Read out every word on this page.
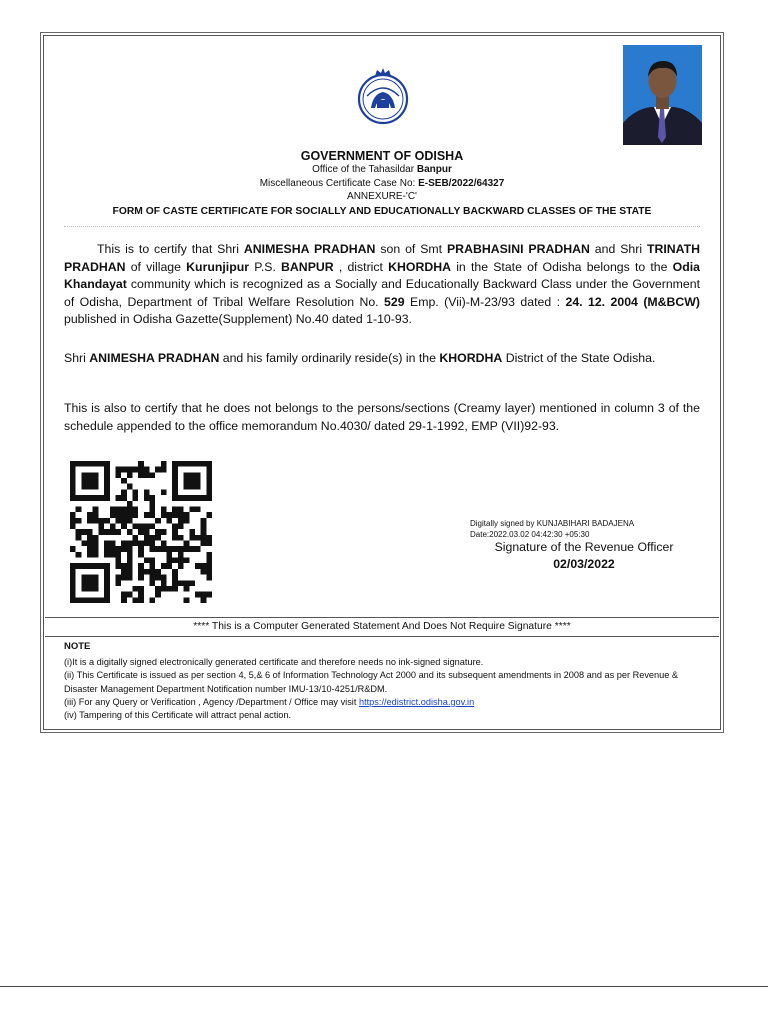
GOVERNMENT OF ODISHA
Office of the Tahasildar Banpur
Miscellaneous Certificate Case No: E-SEB/2022/64327
ANNEXURE-'C'
FORM OF CASTE CERTIFICATE FOR SOCIALLY AND EDUCATIONALLY BACKWARD CLASSES OF THE STATE
This is to certify that Shri ANIMESHA PRADHAN son of Smt PRABHASINI PRADHAN and Shri TRINATH PRADHAN of village Kurunjipur P.S. BANPUR , district KHORDHA in the State of Odisha belongs to the Odia Khandayat community which is recognized as a Socially and Educationally Backward Class under the Government of Odisha, Department of Tribal Welfare Resolution No. 529 Emp. (Vii)-M-23/93 dated : 24. 12. 2004 (M&BCW) published in Odisha Gazette(Supplement) No.40 dated 1-10-93.
Shri ANIMESHA PRADHAN and his family ordinarily reside(s) in the KHORDHA District of the State Odisha.
This is also to certify that he does not belongs to the persons/sections (Creamy layer) mentioned in column 3 of the schedule appended to the office memorandum No.4030/ dated 29-1-1992, EMP (VII)92-93.
Digitally signed by KUNJABIHARI BADAJENA
Date:2022.03.02 04:42:30 +05:30
Signature of the Revenue Officer
02/03/2022
**** This is a Computer Generated Statement And Does Not Require Signature ****
NOTE
(i)It is a digitally signed electronically generated certificate and therefore needs no ink-signed signature.
(ii) This Certificate is issued as per section 4, 5,& 6 of Information Technology Act 2000 and its subsequent amendments in 2008 and as per Revenue & Disaster Management Department Notification number IMU-13/10-4251/R&DM.
(iii) For any Query or Verification , Agency /Department / Office may visit https://edistrict.odisha.gov.in
(iv) Tampering of this Certificate will attract penal action.
